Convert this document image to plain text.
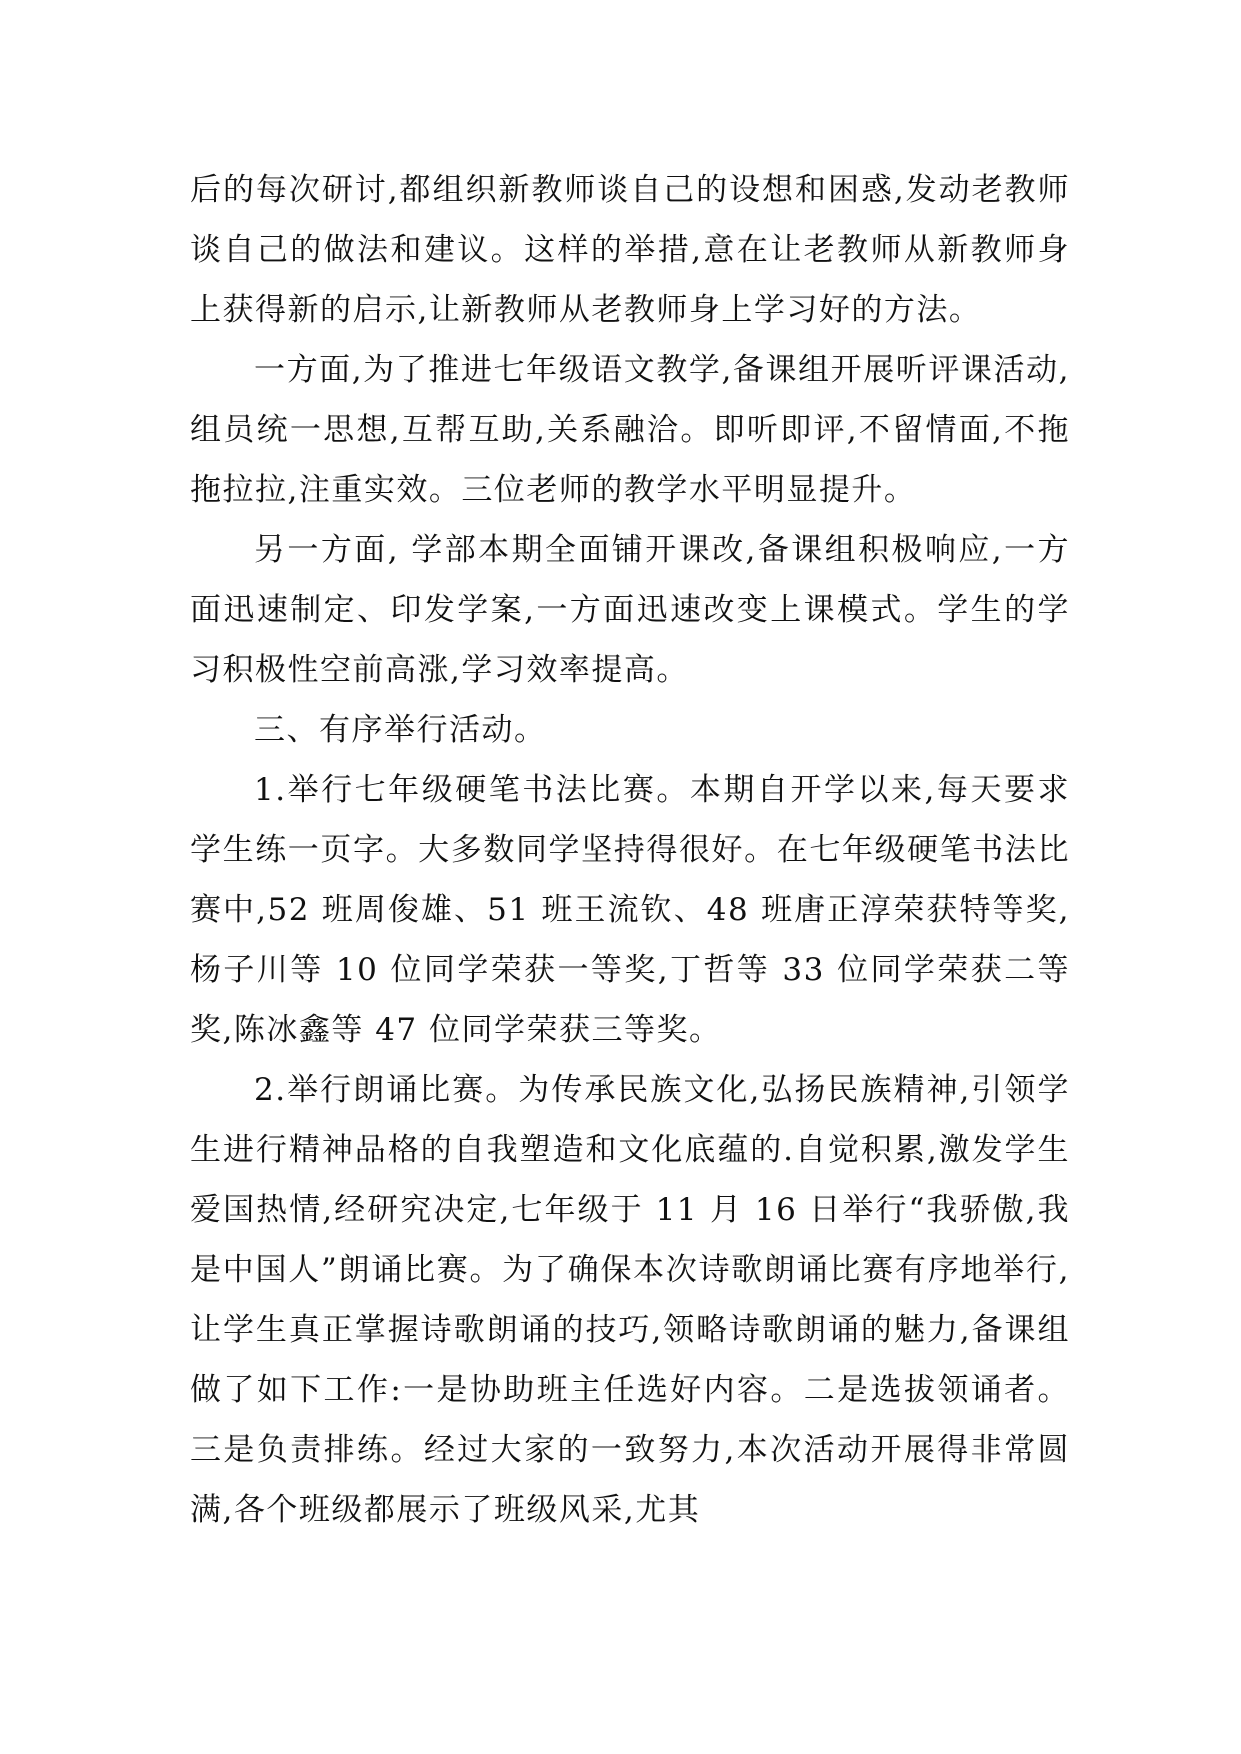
后的每次研讨,都组织新教师谈自己的设想和困惑,发动老教师谈自己的做法和建议。这样的举措,意在让老教师从新教师身上获得新的启示,让新教师从老教师身上学习好的方法。

一方面,为了推进七年级语文教学,备课组开展听评课活动,组员统一思想,互帮互助,关系融洽。即听即评,不留情面,不拖拖拉拉,注重实效。三位老师的教学水平明显提升。

另一方面, 学部本期全面铺开课改,备课组积极响应,一方面迅速制定、印发学案,一方面迅速改变上课模式。学生的学习积极性空前高涨,学习效率提高。

三、有序举行活动。

1.举行七年级硬笔书法比赛。本期自开学以来,每天要求学生练一页字。大多数同学坚持得很好。在七年级硬笔书法比赛中,52 班周俊雄、51 班王流钦、48 班唐正淳荣获特等奖,杨子川等 10 位同学荣获一等奖,丁哲等 33 位同学荣获二等奖,陈冰鑫等 47 位同学荣获三等奖。

2.举行朗诵比赛。为传承民族文化,弘扬民族精神,引领学生进行精神品格的自我塑造和文化底蕴的.自觉积累,激发学生爱国热情,经研究决定,七年级于 11 月 16 日举行“我骄傲,我是中国人”朗诵比赛。为了确保本次诗歌朗诵比赛有序地举行,让学生真正掌握诗歌朗诵的技巧,领略诗歌朗诵的魅力,备课组做了如下工作:一是协助班主任选好内容。二是选拔领诵者。三是负责排练。经过大家的一致努力,本次活动开展得非常圆满,各个班级都展示了班级风采,尤其
